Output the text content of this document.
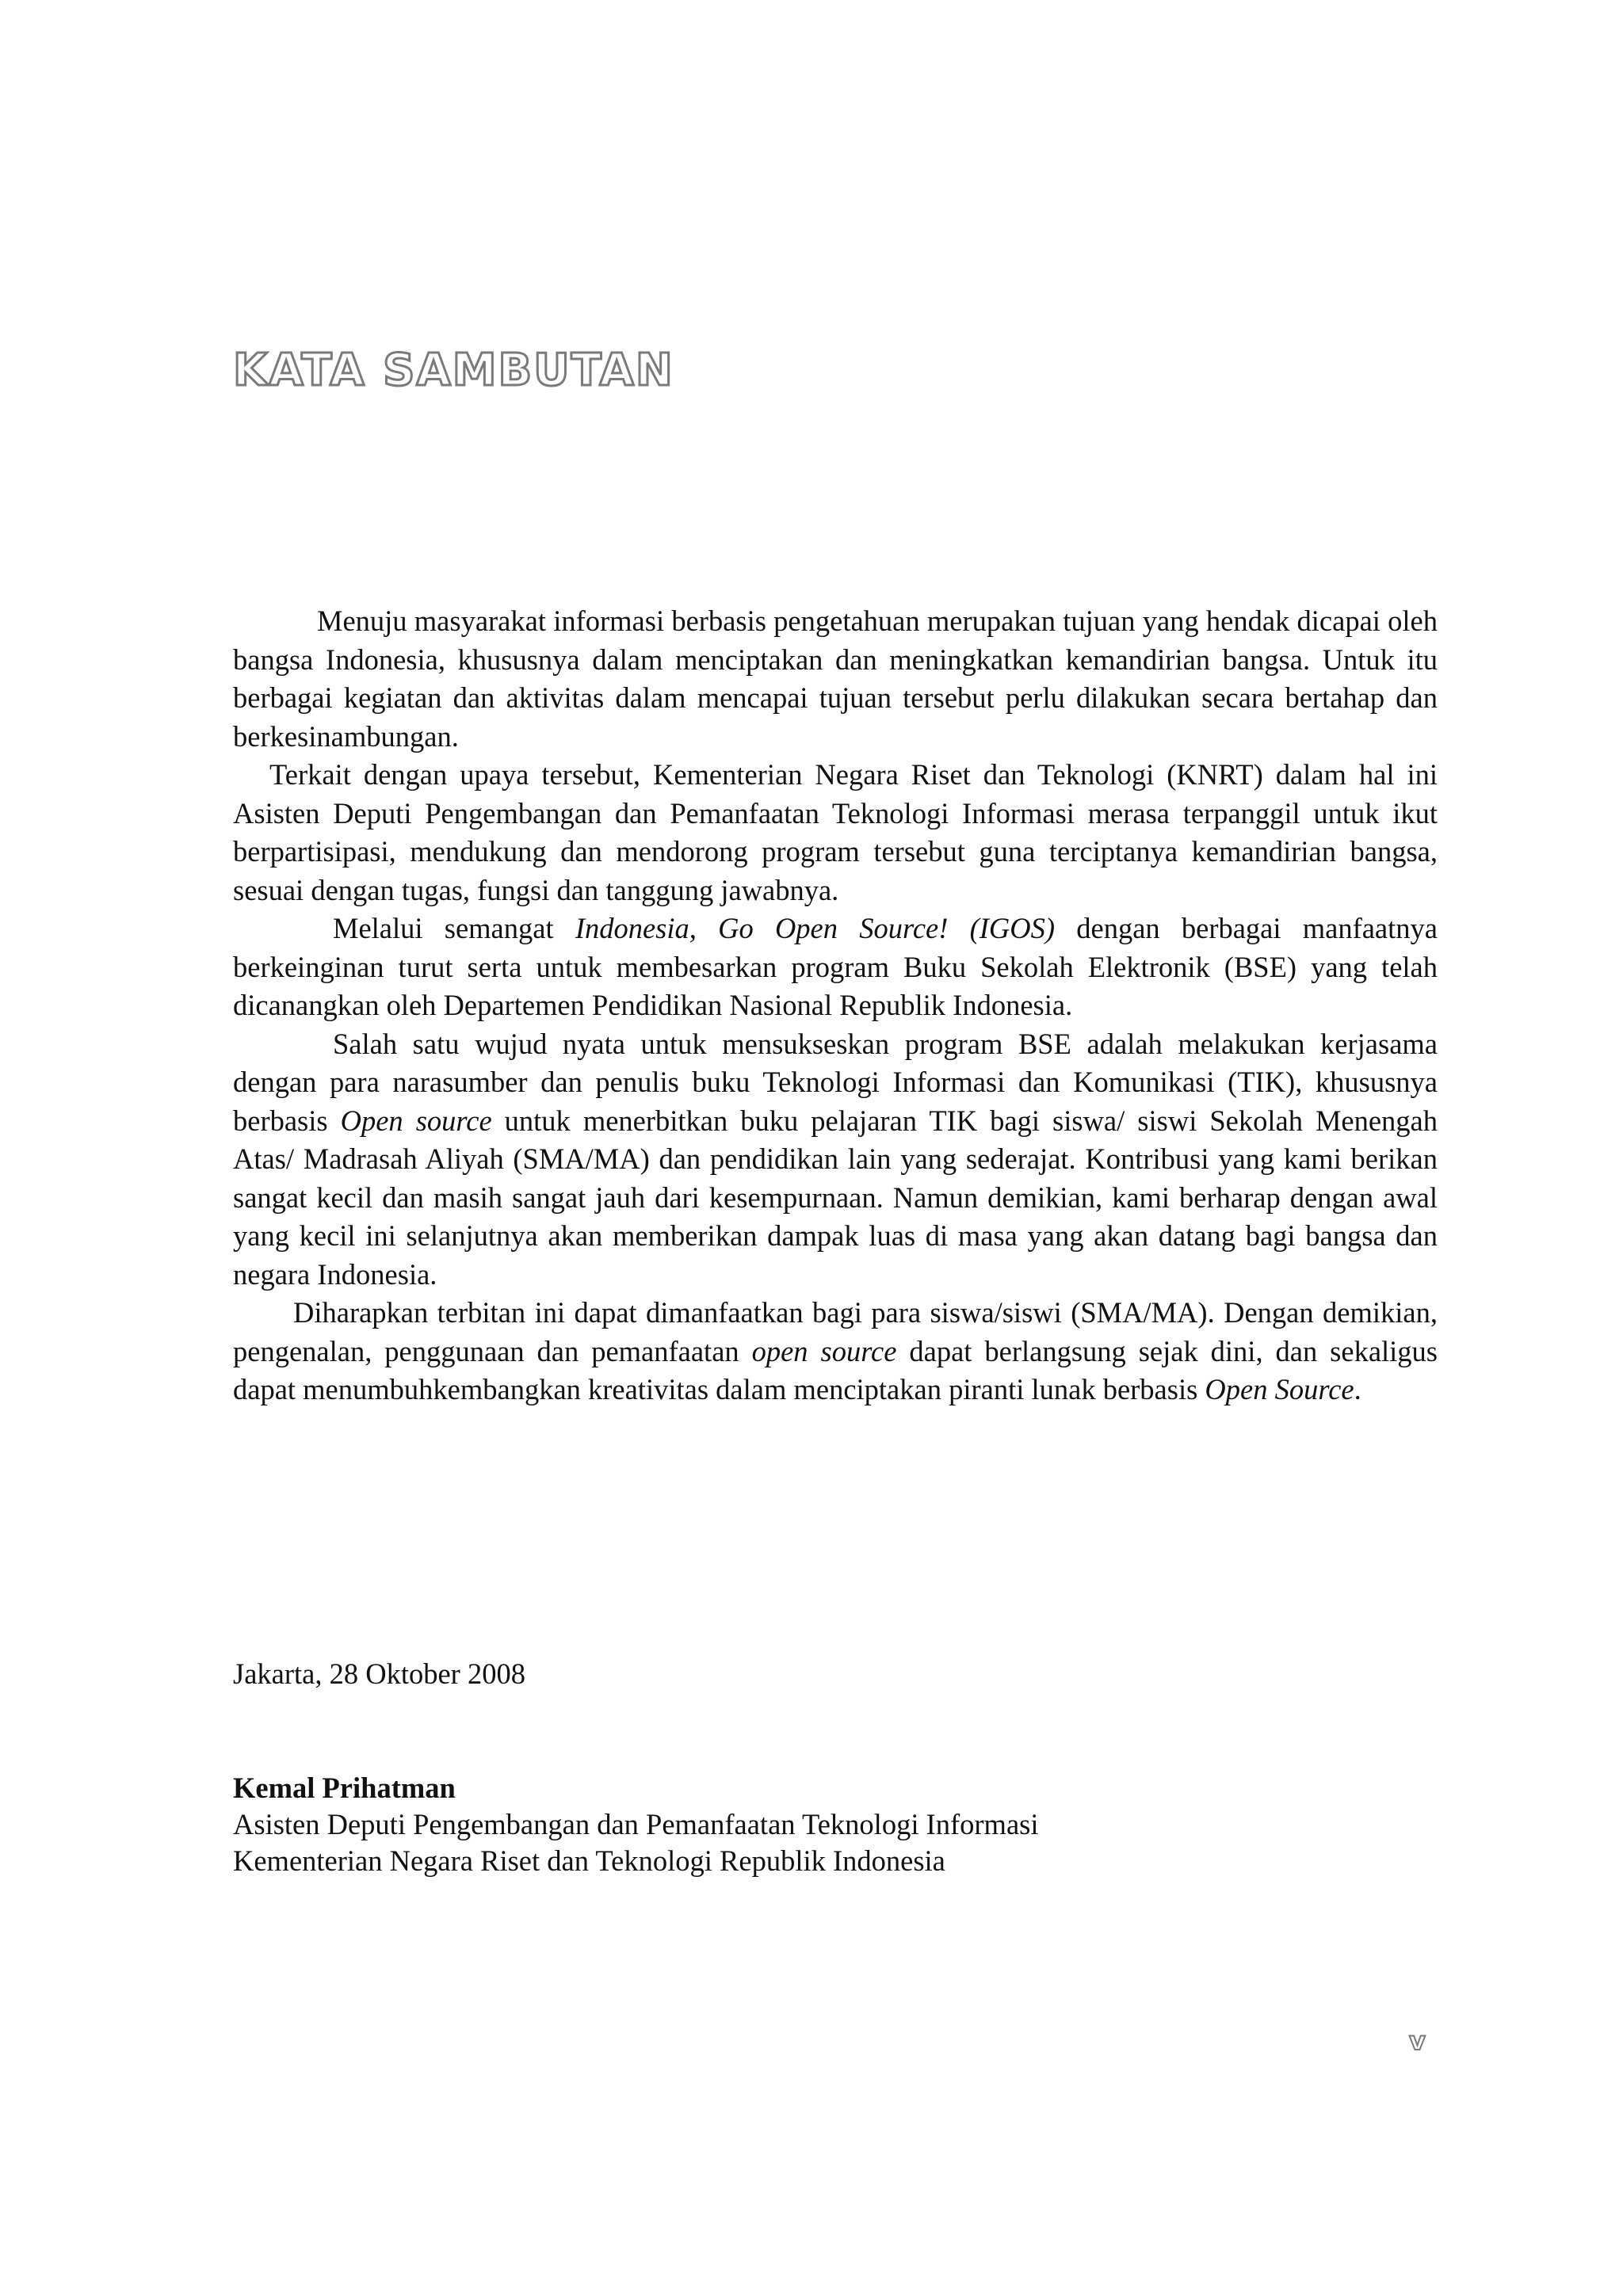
KATA SAMBUTAN

Menuju masyarakat informasi berbasis pengetahuan merupakan tujuan yang hendak dicapai oleh bangsa Indonesia, khususnya dalam menciptakan dan meningkatkan kemandirian bangsa. Untuk itu berbagai kegiatan dan aktivitas dalam mencapai tujuan tersebut perlu dilakukan secara bertahap dan berkesinambungan.

Terkait dengan upaya tersebut, Kementerian Negara Riset dan Teknologi (KNRT) dalam hal ini Asisten Deputi Pengembangan dan Pemanfaatan Teknologi Informasi merasa terpanggil untuk ikut berpartisipasi, mendukung dan mendorong program tersebut guna terciptanya kemandirian bangsa, sesuai dengan tugas, fungsi dan tanggung jawabnya.

Melalui semangat Indonesia, Go Open Source! (IGOS) dengan berbagai manfaatnya berkeinginan turut serta untuk membesarkan program Buku Sekolah Elektronik (BSE) yang telah dicanangkan oleh Departemen Pendidikan Nasional Republik Indonesia.

Salah satu wujud nyata untuk mensukseskan program BSE adalah melakukan kerjasama dengan para narasumber dan penulis buku Teknologi Informasi dan Komunikasi (TIK), khususnya berbasis Open source untuk menerbitkan buku pelajaran TIK bagi siswa/ siswi Sekolah Menengah Atas/ Madrasah Aliyah (SMA/MA) dan pendidikan lain yang sederajat. Kontribusi yang kami berikan sangat kecil dan masih sangat jauh dari kesempurnaan. Namun demikian, kami berharap dengan awal yang kecil ini selanjutnya akan memberikan dampak luas di masa yang akan datang bagi bangsa dan negara Indonesia.

Diharapkan terbitan ini dapat dimanfaatkan bagi para siswa/siswi (SMA/MA). Dengan demikian, pengenalan, penggunaan dan pemanfaatan open source dapat berlangsung sejak dini, dan sekaligus dapat menumbuhkembangkan kreativitas dalam menciptakan piranti lunak berbasis Open Source.

Jakarta, 28 Oktober 2008

Kemal Prihatman

Asisten Deputi Pengembangan dan Pemanfaatan Teknologi Informasi

Kementerian Negara Riset dan Teknologi Republik Indonesia

v
